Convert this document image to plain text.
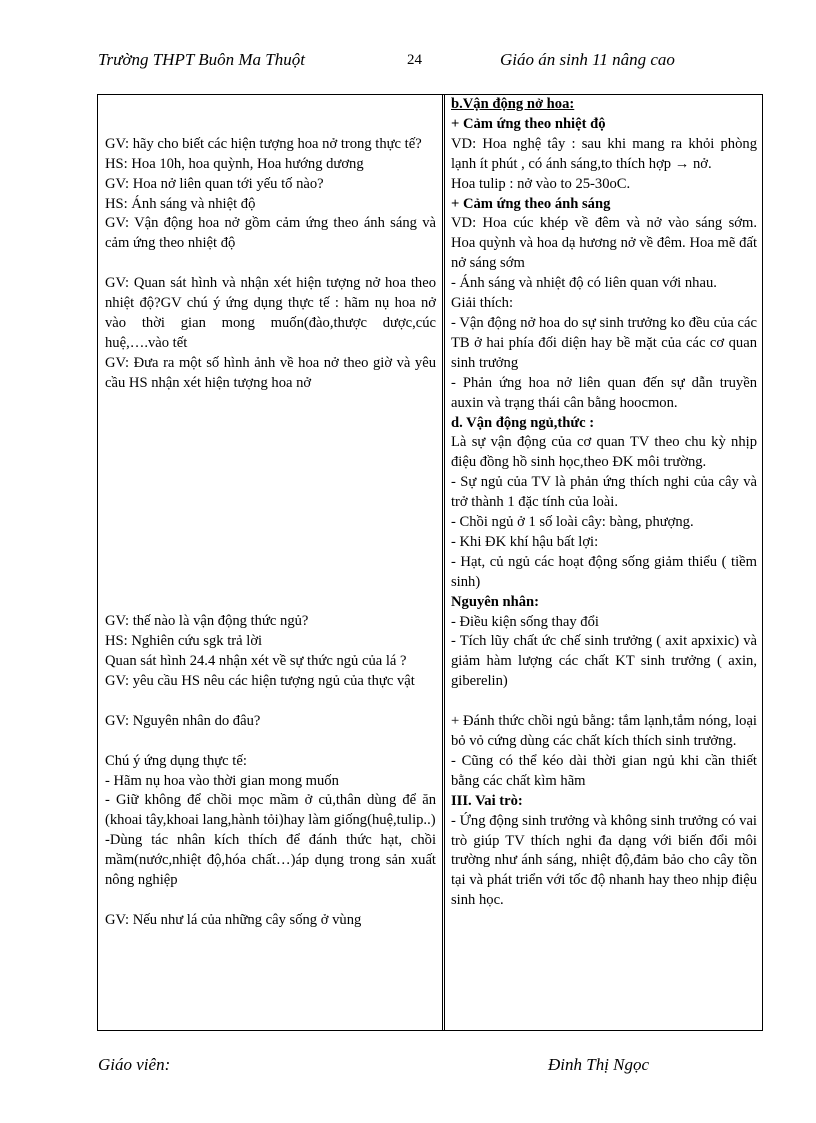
Trường THPT Buôn Ma Thuột	24	Giáo án sinh 11 nâng cao

GV: hãy cho biết các hiện tượng hoa nở trong thực tế?

HS: Hoa 10h, hoa quỳnh, Hoa hướng dương

GV: Hoa nở liên quan tới yếu tố nào?

HS: Ánh sáng và nhiệt độ

GV: Vận động hoa nở gồm cảm ứng theo ánh sáng và cảm ứng theo nhiệt độ

GV: Quan sát hình và nhận xét hiện tượng nở hoa theo nhiệt độ?GV chú ý ứng dụng thực tế : hãm nụ hoa nở vào thời gian mong muốn(đào,thược dược,cúc huệ,….vào tết

GV: Đưa ra một số hình ảnh về hoa nở theo giờ và yêu cầu HS nhận xét hiện tượng hoa nở

GV: thế nào là vận động thức ngủ?

HS: Nghiên cứu sgk trả lời

Quan sát hình 24.4 nhận xét về sự thức ngủ của lá ?

GV: yêu cầu HS nêu các hiện tượng ngủ của thực vật

GV: Nguyên nhân do đâu?

Chú ý ứng dụng thực tế:

- Hãm nụ hoa vào thời gian mong muốn

- Giữ không để chồi mọc mầm ở củ,thân dùng để ăn (khoai tây,khoai lang,hành tỏi)hay làm giống(huệ,tulip..)

-Dùng tác nhân kích thích để đánh thức hạt, chồi mầm(nước,nhiệt độ,hóa chất…)áp dụng trong sản xuất nông nghiệp

GV: Nếu như lá của những cây sống ở vùng

b.Vận động nở hoa:

+ Cảm ứng theo nhiệt độ

VD: Hoa nghệ tây : sau khi mang ra khỏi phòng lạnh ít phút , có ánh sáng,to thích hợp → nở.

Hoa tulip : nở vào to 25-30oC.

+ Cảm ứng theo ánh sáng

VD: Hoa cúc khép về đêm và nở vào sáng sớm. Hoa quỳnh và hoa dạ hương nở về đêm. Hoa mẽ đất nở sáng sớm

- Ánh sáng và nhiệt độ có liên quan với nhau.

Giải thích:

- Vận động nở hoa do sự sinh trưởng ko đều của các TB ở hai phía đối diện hay bề mặt của các cơ quan sinh trưởng

- Phản ứng hoa nở liên quan đến sự dẫn truyền auxin và trạng thái cân bằng hoocmon.

d. Vận động ngủ,thức :

Là sự vận động của cơ quan TV theo chu kỳ nhịp điệu đồng hồ sinh học,theo ĐK môi trường.

- Sự ngủ của TV là phản ứng thích nghi của cây và trở thành 1 đặc tính của loài.

- Chồi ngủ ở 1 số loài cây: bàng, phượng.

- Khi ĐK khí hậu bất lợi:

- Hạt, củ ngủ các hoạt động sống giảm thiểu ( tiềm sinh)

Nguyên nhân:

- Điều kiện sống thay đổi

- Tích lũy chất ức chế sinh trưởng ( axit apxixic) và giảm hàm lượng các chất KT sinh trưởng ( axin, giberelin)

+ Đánh thức chồi ngủ bằng: tắm lạnh,tắm nóng, loại bỏ vỏ cứng dùng các chất kích thích sinh trưởng.

- Cũng có thể kéo dài thời gian ngủ khi cần thiết bằng các chất kìm hãm

III. Vai trò:

- Ứng động sinh trưởng và không sinh trưởng có vai trò giúp TV thích nghi đa dạng với biến đổi môi trường như ánh sáng, nhiệt độ,đảm bảo cho cây tồn tại và phát triển với tốc độ nhanh hay theo nhịp điệu sinh học.

Giáo viên:	Đinh Thị Ngọc
